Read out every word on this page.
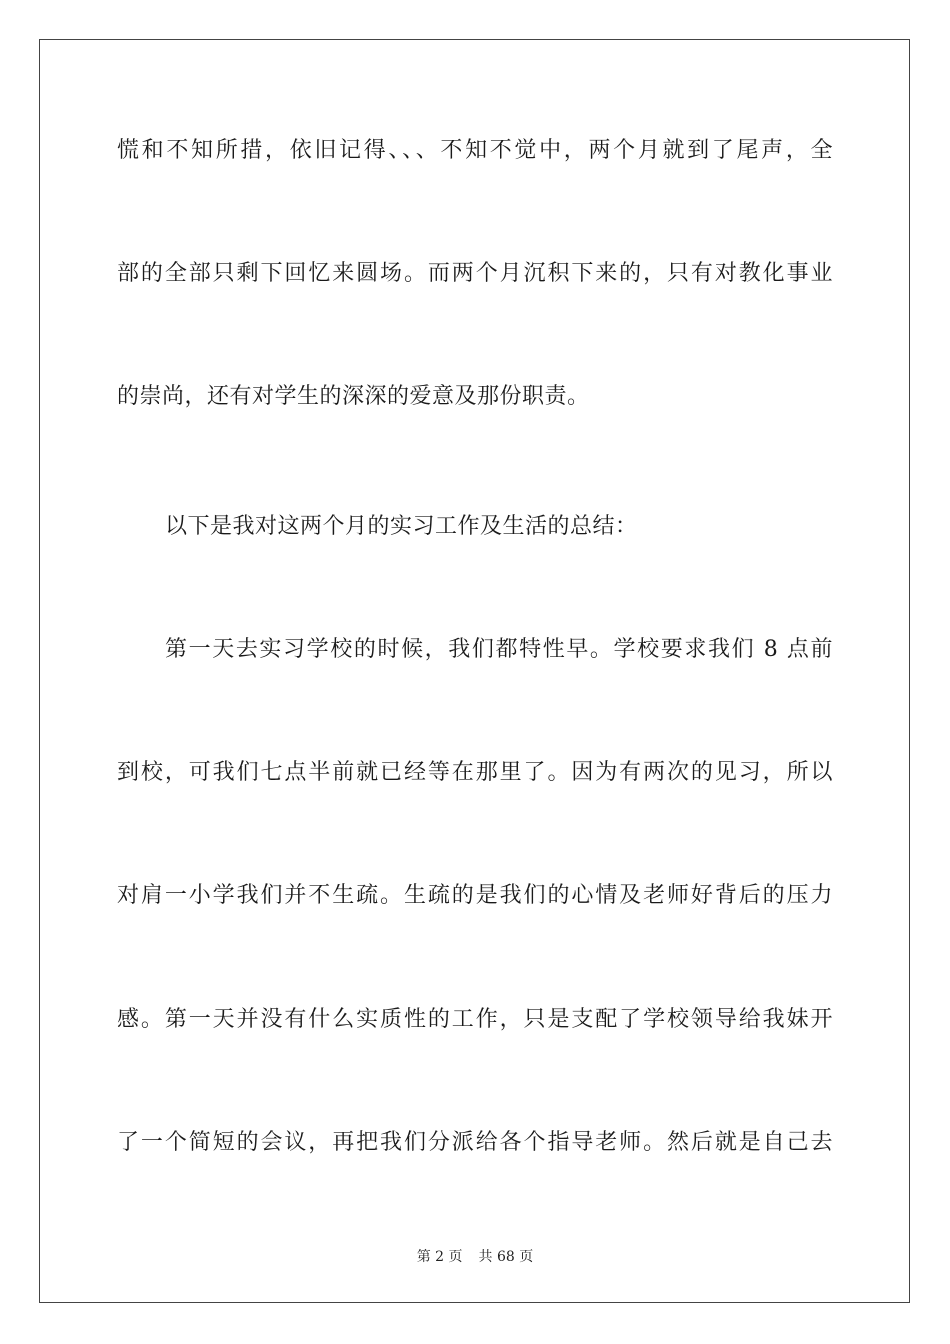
慌和不知所措，依旧记得、、、不知不觉中，两个月就到了尾声，全
部的全部只剩下回忆来圆场。而两个月沉积下来的，只有对教化事业
的崇尚，还有对学生的深深的爱意及那份职责。
以下是我对这两个月的实习工作及生活的总结：
第一天去实习学校的时候，我们都特性早。学校要求我们 8 点前
到校，可我们七点半前就已经等在那里了。因为有两次的见习，所以
对肩一小学我们并不生疏。生疏的是我们的心情及老师好背后的压力
感。第一天并没有什么实质性的工作，只是支配了学校领导给我妹开
了一个简短的会议，再把我们分派给各个指导老师。然后就是自己去
第 2 页 共 68 页
